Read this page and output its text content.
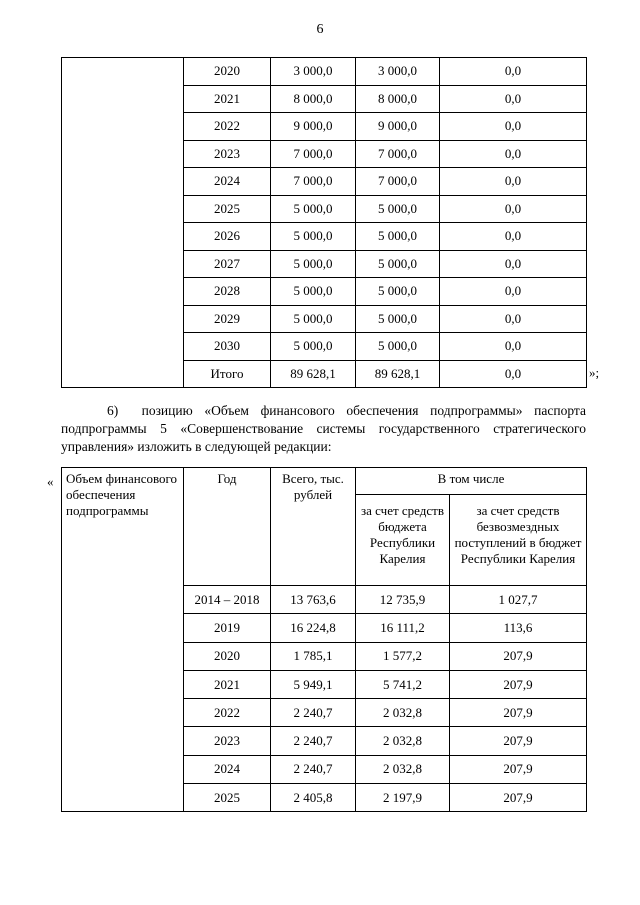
6
	2020	3 000,0	3 000,0	0,0
	2021	8 000,0	8 000,0	0,0
	2022	9 000,0	9 000,0	0,0
	2023	7 000,0	7 000,0	0,0
	2024	7 000,0	7 000,0	0,0
	2025	5 000,0	5 000,0	0,0
	2026	5 000,0	5 000,0	0,0
	2027	5 000,0	5 000,0	0,0
	2028	5 000,0	5 000,0	0,0
	2029	5 000,0	5 000,0	0,0
	2030	5 000,0	5 000,0	0,0
	Итого	89 628,1	89 628,1	0,0	»;
6)  позицию «Объем финансового обеспечения подпрограммы» паспорта подпрограммы 5 «Совершенствование системы государственного стратегического управления» изложить в следующей редакции:
« Объем финансового обеспечения подпрограммы	Год	Всего, тыс. рублей	В том числе	
			за счет средств бюджета Республики Карелия	за счет средств безвозмездных поступлений в бюджет Республики Карелия
	2014 – 2018	13 763,6	12 735,9	1 027,7
	2019	16 224,8	16 111,2	113,6
	2020	1 785,1	1 577,2	207,9
	2021	5 949,1	5 741,2	207,9
	2022	2 240,7	2 032,8	207,9
	2023	2 240,7	2 032,8	207,9
	2024	2 240,7	2 032,8	207,9
	2025	2 405,8	2 197,9	207,9
